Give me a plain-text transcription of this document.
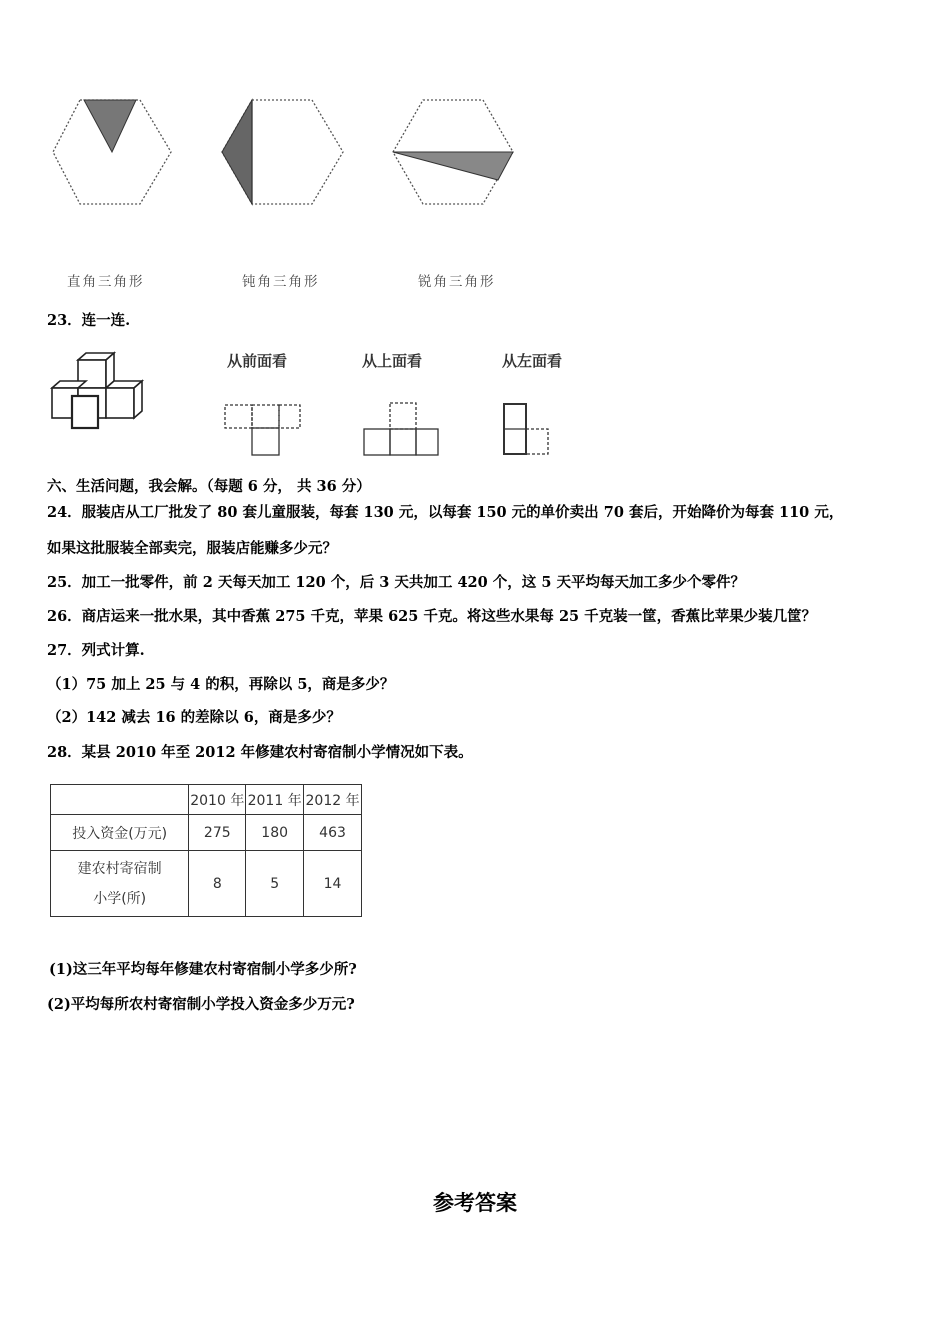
直角三角形	钝角三角形	锐角三角形
23．连一连.
从前面看	从上面看	从左面看
六、生活问题，我会解。（每题 6 分， 共 36 分）
24．服装店从工厂批发了 80 套儿童服装，每套 130 元，以每套 150 元的单价卖出 70 套后，开始降价为每套 110 元，
如果这批服装全部卖完，服装店能赚多少元？
25．加工一批零件，前 2 天每天加工 120 个，后 3 天共加工 420 个，这 5 天平均每天加工多少个零件？
26．商店运来一批水果，其中香蕉 275 千克，苹果 625 千克。将这些水果每 25 千克装一筐，香蕉比苹果少装几筐？
27．列式计算.
（1）75 加上 25 与 4 的积，再除以 5，商是多少？
（2）142 减去 16 的差除以 6，商是多少？
28．某县 2010 年至 2012 年修建农村寄宿制小学情况如下表。
	2010 年	2011 年	2012 年
投入资金(万元)	275	180	463
建农村寄宿制
小学(所)	8	5	14
(1)这三年平均每年修建农村寄宿制小学多少所?
(2)平均每所农村寄宿制小学投入资金多少万元?
参考答案
